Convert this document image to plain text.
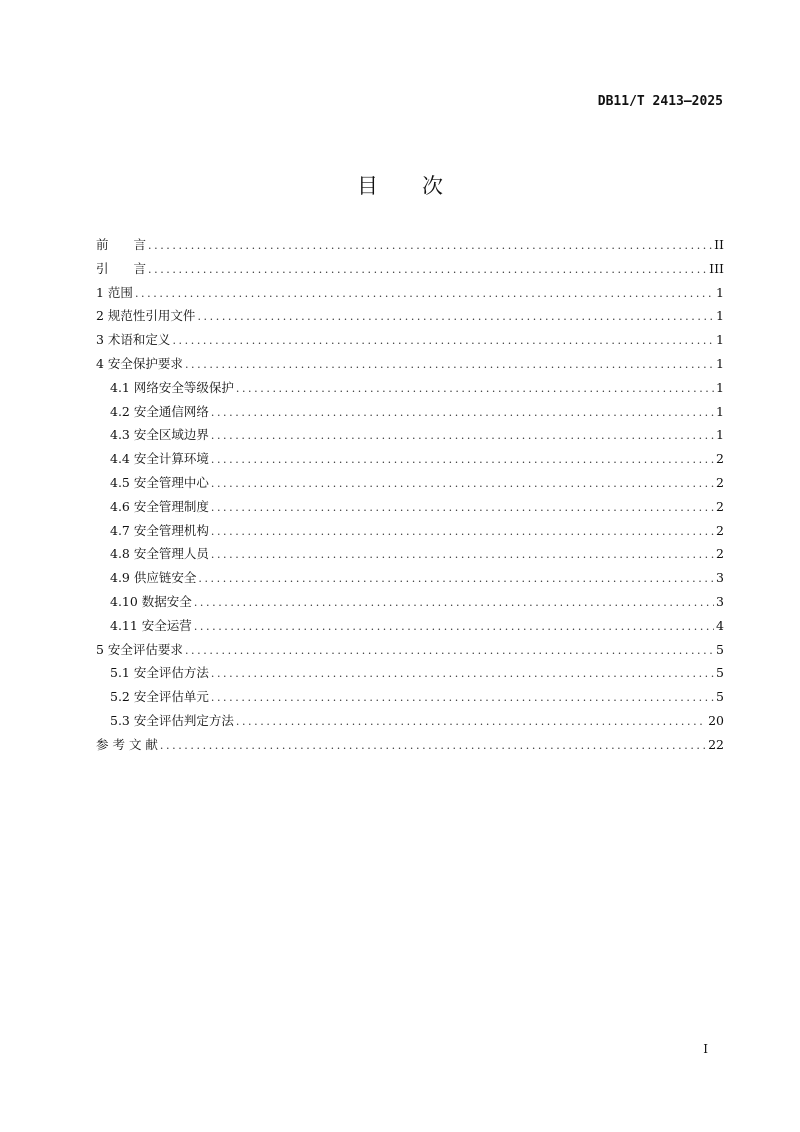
DB11/T 2413—2025
目 次
前　　言 .....	II
引　　言 .....	III
1 范围 .....	1
2 规范性引用文件 .....	1
3 术语和定义 .....	1
4 安全保护要求 .....	1
4.1 网络安全等级保护 .....	1
4.2 安全通信网络 .....	1
4.3 安全区域边界 .....	1
4.4 安全计算环境 .....	2
4.5 安全管理中心 .....	2
4.6 安全管理制度 .....	2
4.7 安全管理机构 .....	2
4.8 安全管理人员 .....	2
4.9 供应链安全 .....	3
4.10 数据安全 .....	3
4.11 安全运营 .....	4
5 安全评估要求 .....	5
5.1 安全评估方法 .....	5
5.2 安全评估单元 .....	5
5.3 安全评估判定方法 .....	20
参 考 文 献 .....	22
I
